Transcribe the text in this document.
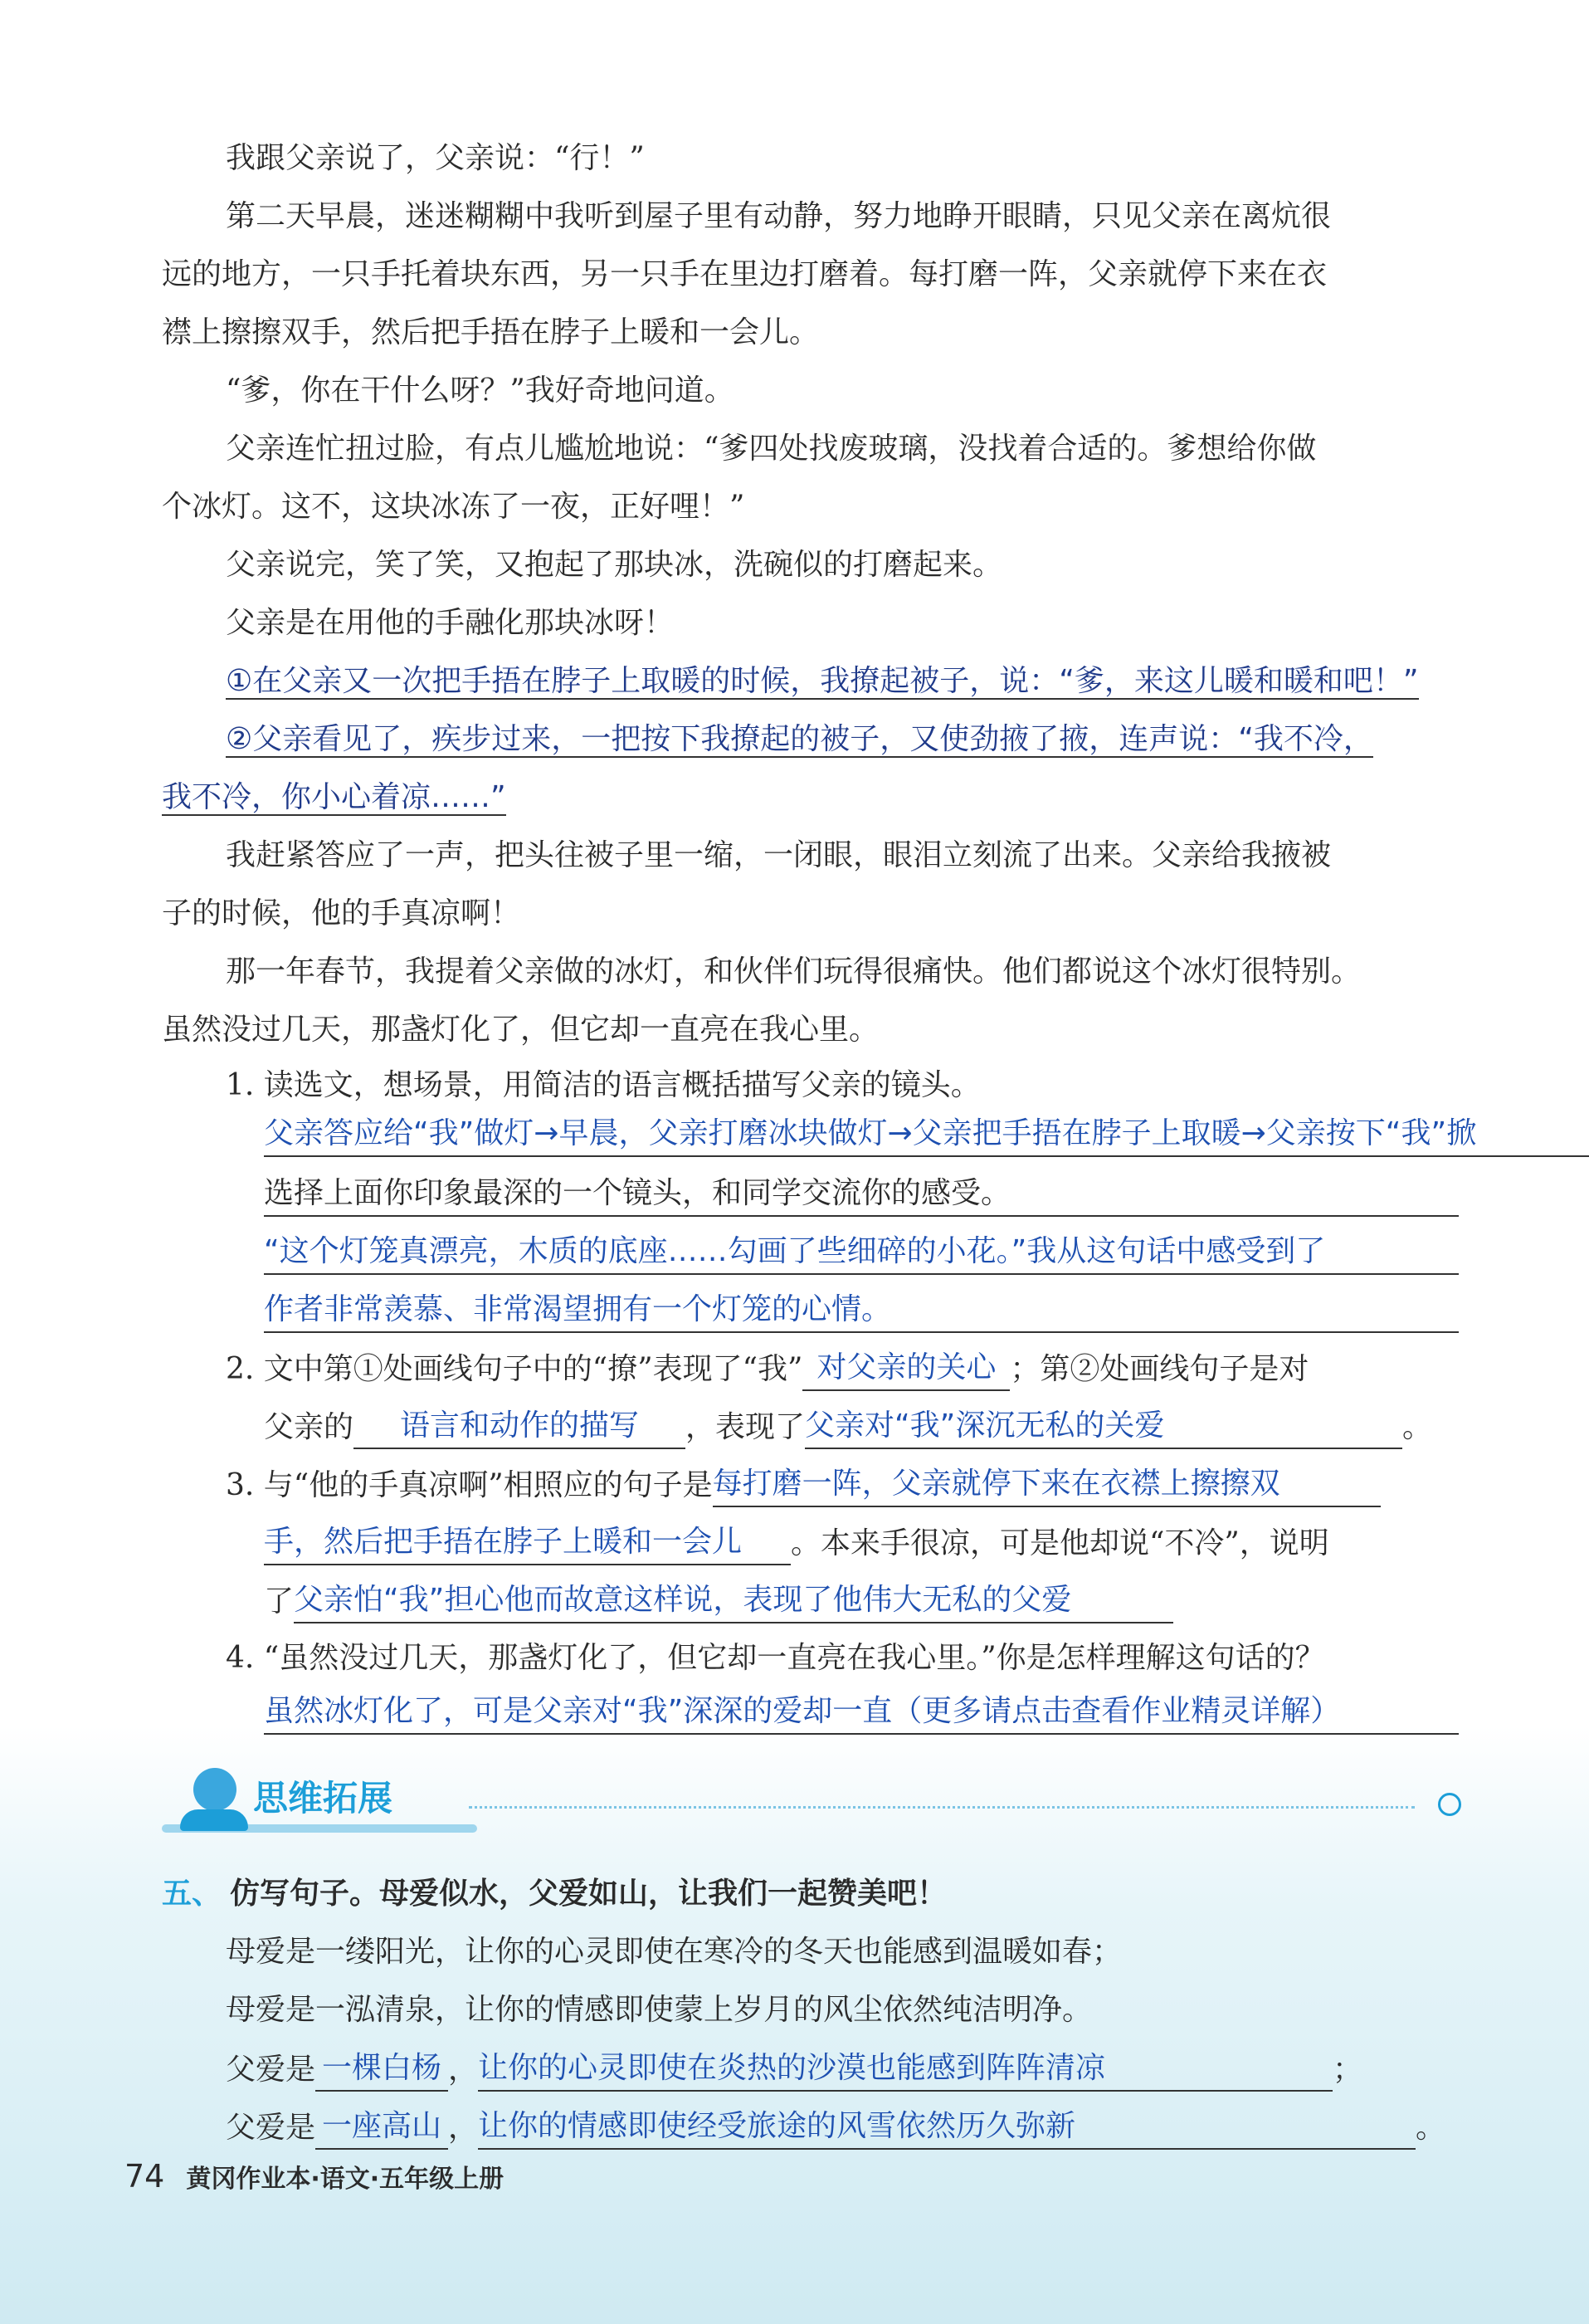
我跟父亲说了，父亲说：“行！”
第二天早晨，迷迷糊糊中我听到屋子里有动静，努力地睁开眼睛，只见父亲在离炕很
远的地方，一只手托着块东西，另一只手在里边打磨着。每打磨一阵，父亲就停下来在衣
襟上擦擦双手，然后把手捂在脖子上暖和一会儿。
“爹，你在干什么呀？”我好奇地问道。
父亲连忙扭过脸，有点儿尴尬地说：“爹四处找废玻璃，没找着合适的。爹想给你做
个冰灯。这不，这块冰冻了一夜，正好哩！”
父亲说完，笑了笑，又抱起了那块冰，洗碗似的打磨起来。
父亲是在用他的手融化那块冰呀！
①在父亲又一次把手捂在脖子上取暖的时候，我撩起被子，说：“爹，来这儿暖和暖和吧！”
②父亲看见了，疾步过来，一把按下我撩起的被子，又使劲掖了掖，连声说：“我不冷，
我不冷，你小心着凉……”
我赶紧答应了一声，把头往被子里一缩，一闭眼，眼泪立刻流了出来。父亲给我掖被
子的时候，他的手真凉啊！
那一年春节，我提着父亲做的冰灯，和伙伴们玩得很痛快。他们都说这个冰灯很特别。
虽然没过几天，那盏灯化了，但它却一直亮在我心里。
1. 读选文，想场景，用简洁的语言概括描写父亲的镜头。
父亲答应给“我”做灯→早晨，父亲打磨冰块做灯→父亲把手捂在脖子上取暖→父亲按下“我”掀
选择上面你印象最深的一个镜头，和同学交流你的感受。
“这个灯笼真漂亮，木质的底座……勾画了些细碎的小花。”我从这句话中感受到了
作者非常羡慕、非常渴望拥有一个灯笼的心情。
2. 文中第①处画线句子中的“撩”表现了“我” 对父亲的关心 ；第②处画线句子是对
父亲的 语言和动作的描写 ，表现了父亲对“我”深沉无私的关爱	。
3. 与“他的手真凉啊”相照应的句子是每打磨一阵，父亲就停下来在衣襟上擦擦双
手，然后把手捂在脖子上暖和一会儿 。本来手很凉，可是他却说“不冷”，说明
了父亲怕“我”担心他而故意这样说，表现了他伟大无私的父爱
4. “虽然没过几天，那盏灯化了，但它却一直亮在我心里。”你是怎样理解这句话的？
虽然冰灯化了，可是父亲对“我”深深的爱却一直（更多请点击查看作业精灵详解）
思维拓展
五、 仿写句子。母爱似水，父爱如山，让我们一起赞美吧！
母爱是一缕阳光，让你的心灵即使在寒冷的冬天也能感到温暖如春；
母爱是一泓清泉，让你的情感即使蒙上岁月的风尘依然纯洁明净。
父爱是 一棵白杨 ，让你的心灵即使在炎热的沙漠也能感到阵阵清凉	；
父爱是 一座高山 ，让你的情感即使经受旅途的风雪依然历久弥新	。
74 黄冈作业本·语文·五年级上册
